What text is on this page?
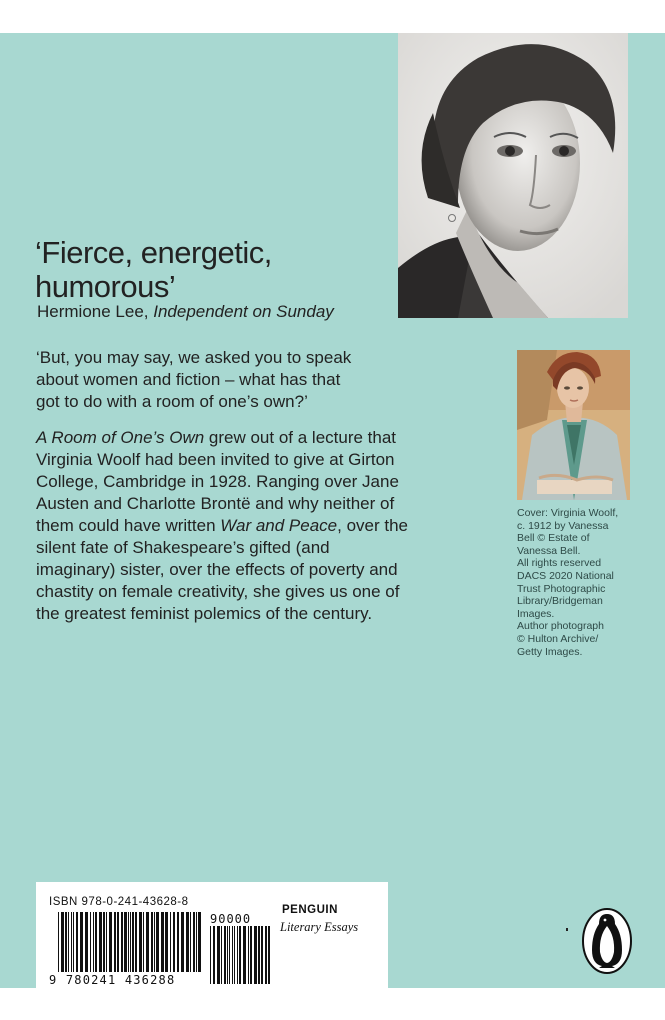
‘Fierce, energetic,
humorous’
Hermione Lee, Independent on Sunday

‘But, you may say, we asked you to speak
about women and fiction – what has that
got to do with a room of one’s own?’

A Room of One’s Own grew out of a lecture that Virginia Woolf had been invited to give at Girton College, Cambridge in 1928. Ranging over Jane Austen and Charlotte Brontë and why neither of them could have written War and Peace, over the silent fate of Shakespeare’s gifted (and imaginary) sister, over the effects of poverty and chastity on female creativity, she gives us one of the greatest feminist polemics of the century.

Cover: Virginia Woolf,
c. 1912 by Vanessa
Bell © Estate of
Vanessa Bell.
All rights reserved
DACS 2020 National
Trust Photographic
Library/Bridgeman
Images.
Author photograph
© Hulton Archive/
Getty Images.
ISBN 978-0-241-43628-8
9 780241 436288
90000
PENGUIN
Literary Essays
